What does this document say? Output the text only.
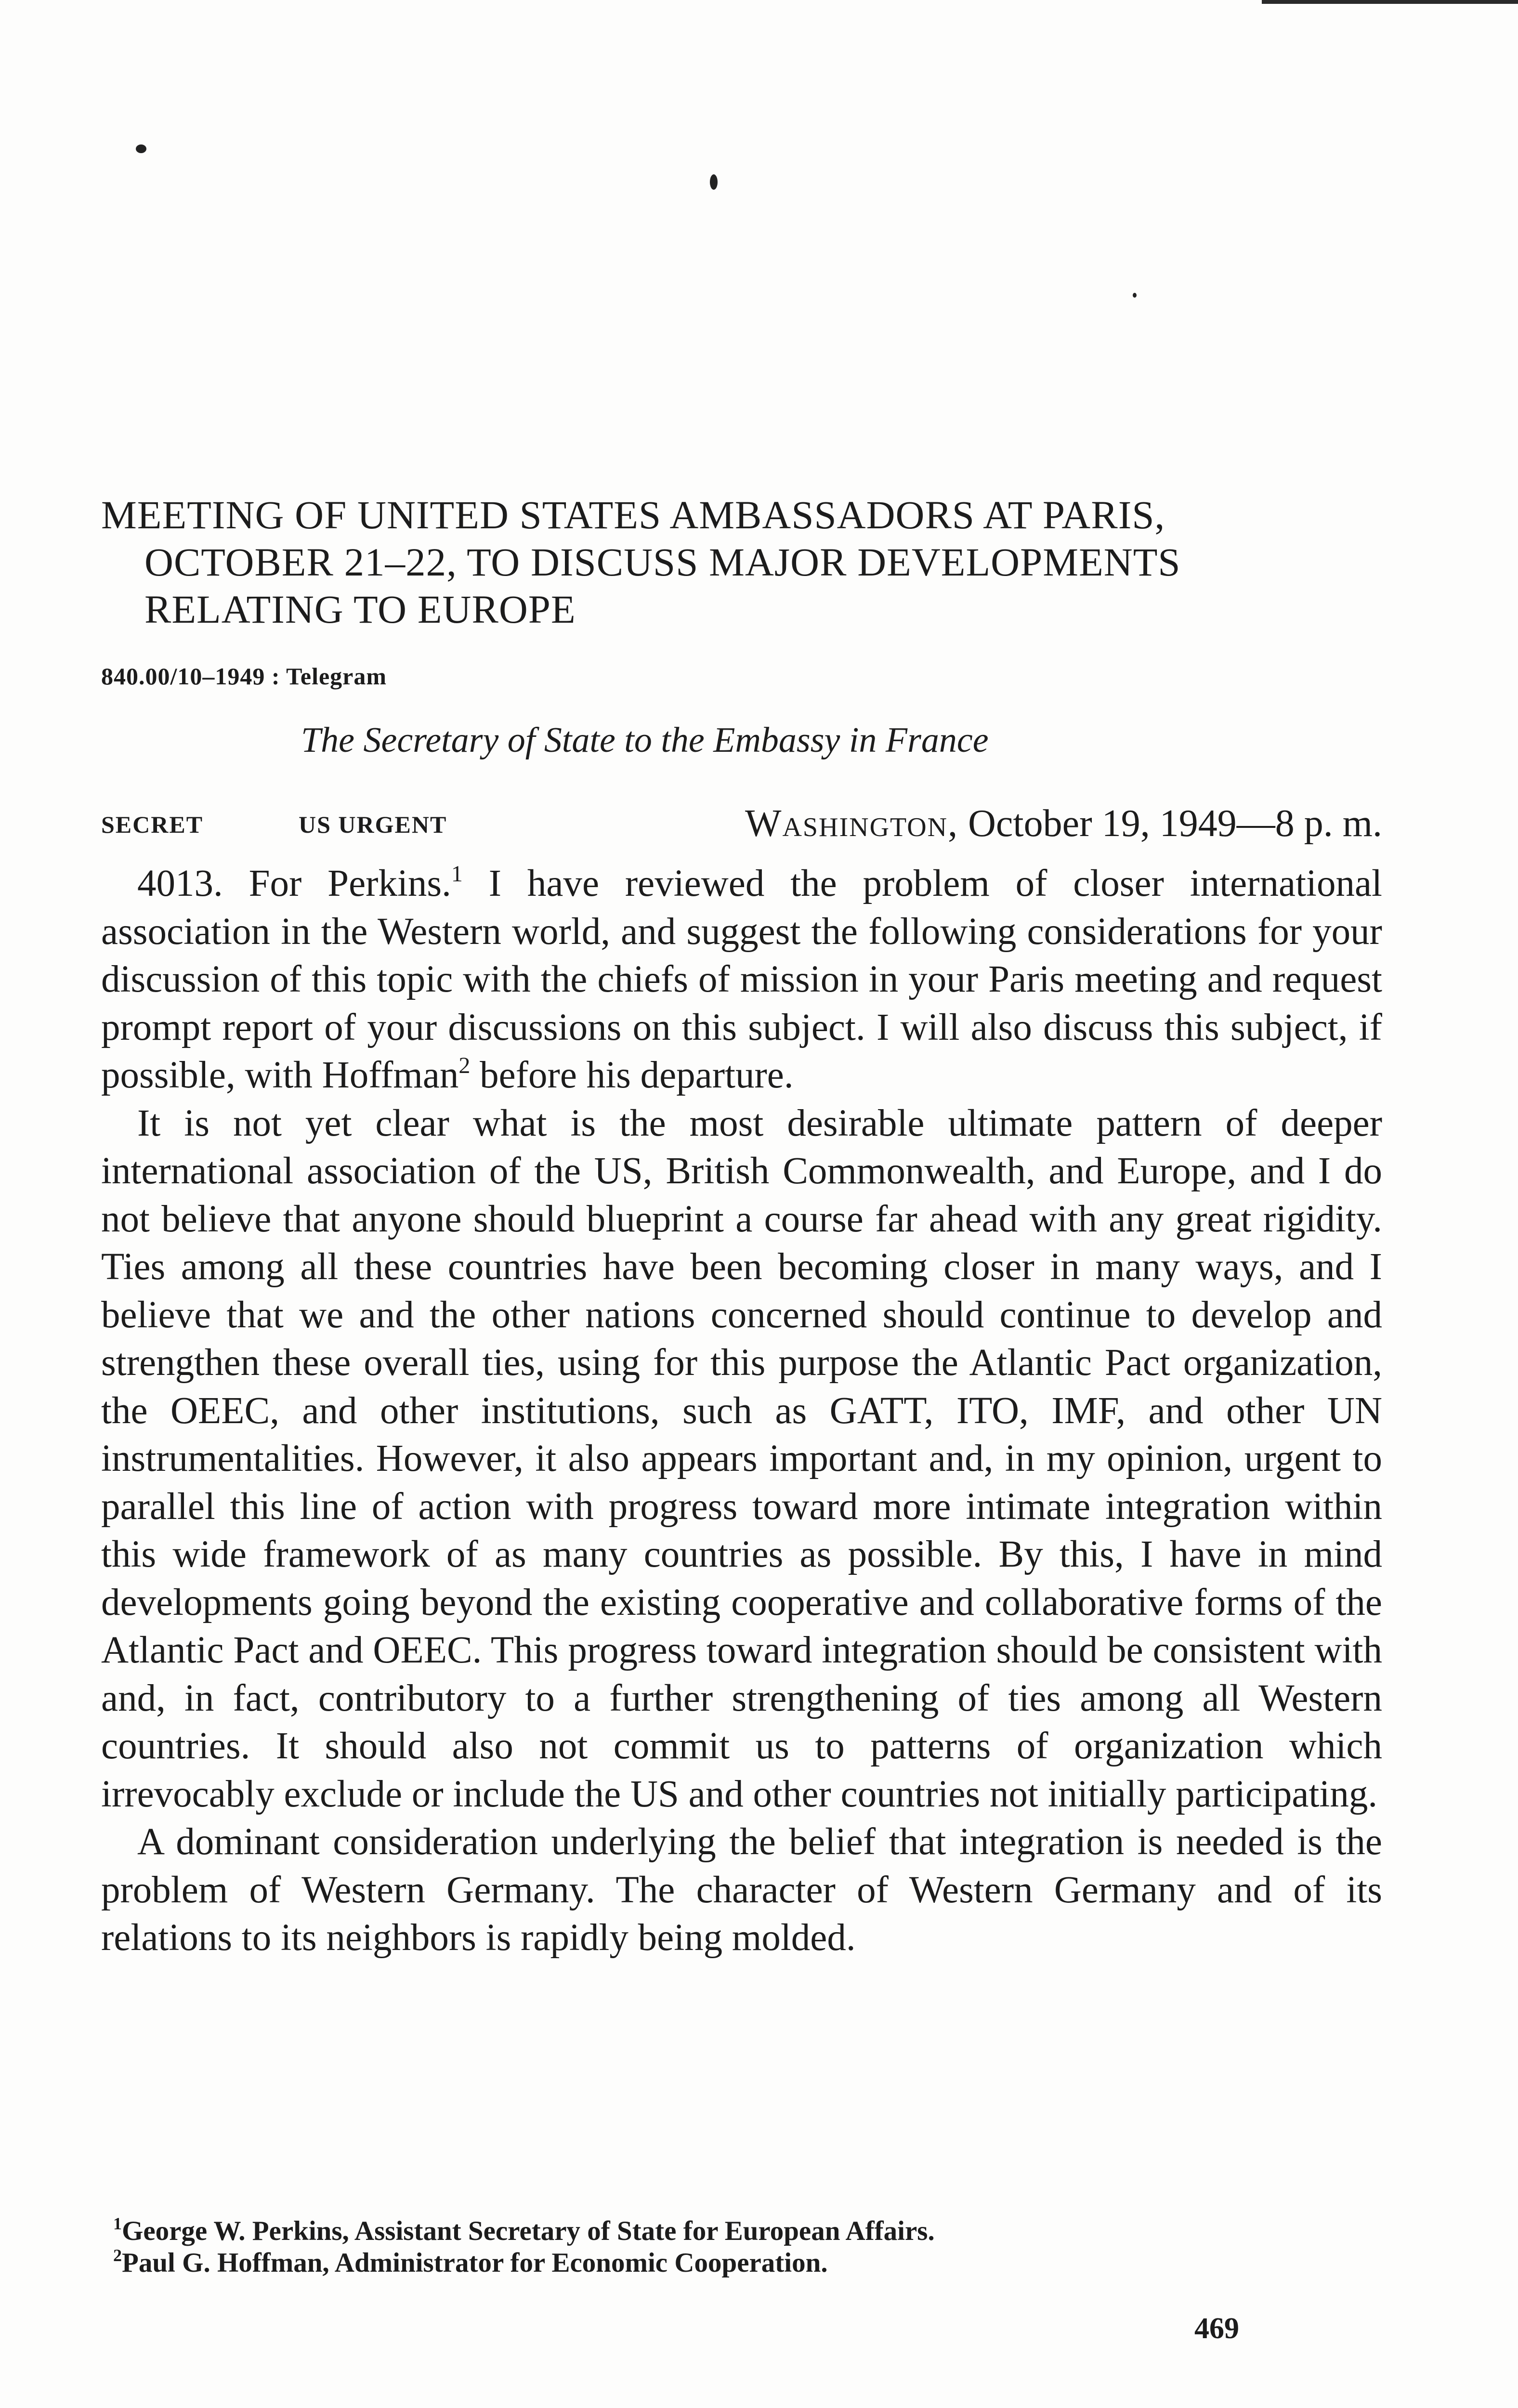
MEETING OF UNITED STATES AMBASSADORS AT PARIS,
OCTOBER 21–22, TO DISCUSS MAJOR DEVELOPMENTS
RELATING TO EUROPE
840.00/10–1949 : Telegram
The Secretary of State to the Embassy in France
SECRET	US URGENT	Washington, October 19, 1949—8 p. m.

4013. For Perkins.$^1$ I have reviewed the problem of closer international association in the Western world, and suggest the following considerations for your discussion of this topic with the chiefs of mission in your Paris meeting and request prompt report of your discussions on this subject. I will also discuss this subject, if possible, with Hoffman$^2$ before his departure.

It is not yet clear what is the most desirable ultimate pattern of deeper international association of the US, British Commonwealth, and Europe, and I do not believe that anyone should blueprint a course far ahead with any great rigidity. Ties among all these countries have been becoming closer in many ways, and I believe that we and the other nations concerned should continue to develop and strengthen these overall ties, using for this purpose the Atlantic Pact organization, the OEEC, and other institutions, such as GATT, ITO, IMF, and other UN instrumentalities. However, it also appears important and, in my opinion, urgent to parallel this line of action with progress toward more intimate integration within this wide framework of as many countries as possible. By this, I have in mind developments going beyond the existing cooperative and collaborative forms of the Atlantic Pact and OEEC. This progress toward integration should be consistent with and, in fact, contributory to a further strengthening of ties among all Western countries. It should also not commit us to patterns of organization which irrevocably exclude or include the US and other countries not initially participating.

A dominant consideration underlying the belief that integration is needed is the problem of Western Germany. The character of Western Germany and of its relations to its neighbors is rapidly being molded.

$^1$George W. Perkins, Assistant Secretary of State for European Affairs.
$^2$Paul G. Hoffman, Administrator for Economic Cooperation.
469
